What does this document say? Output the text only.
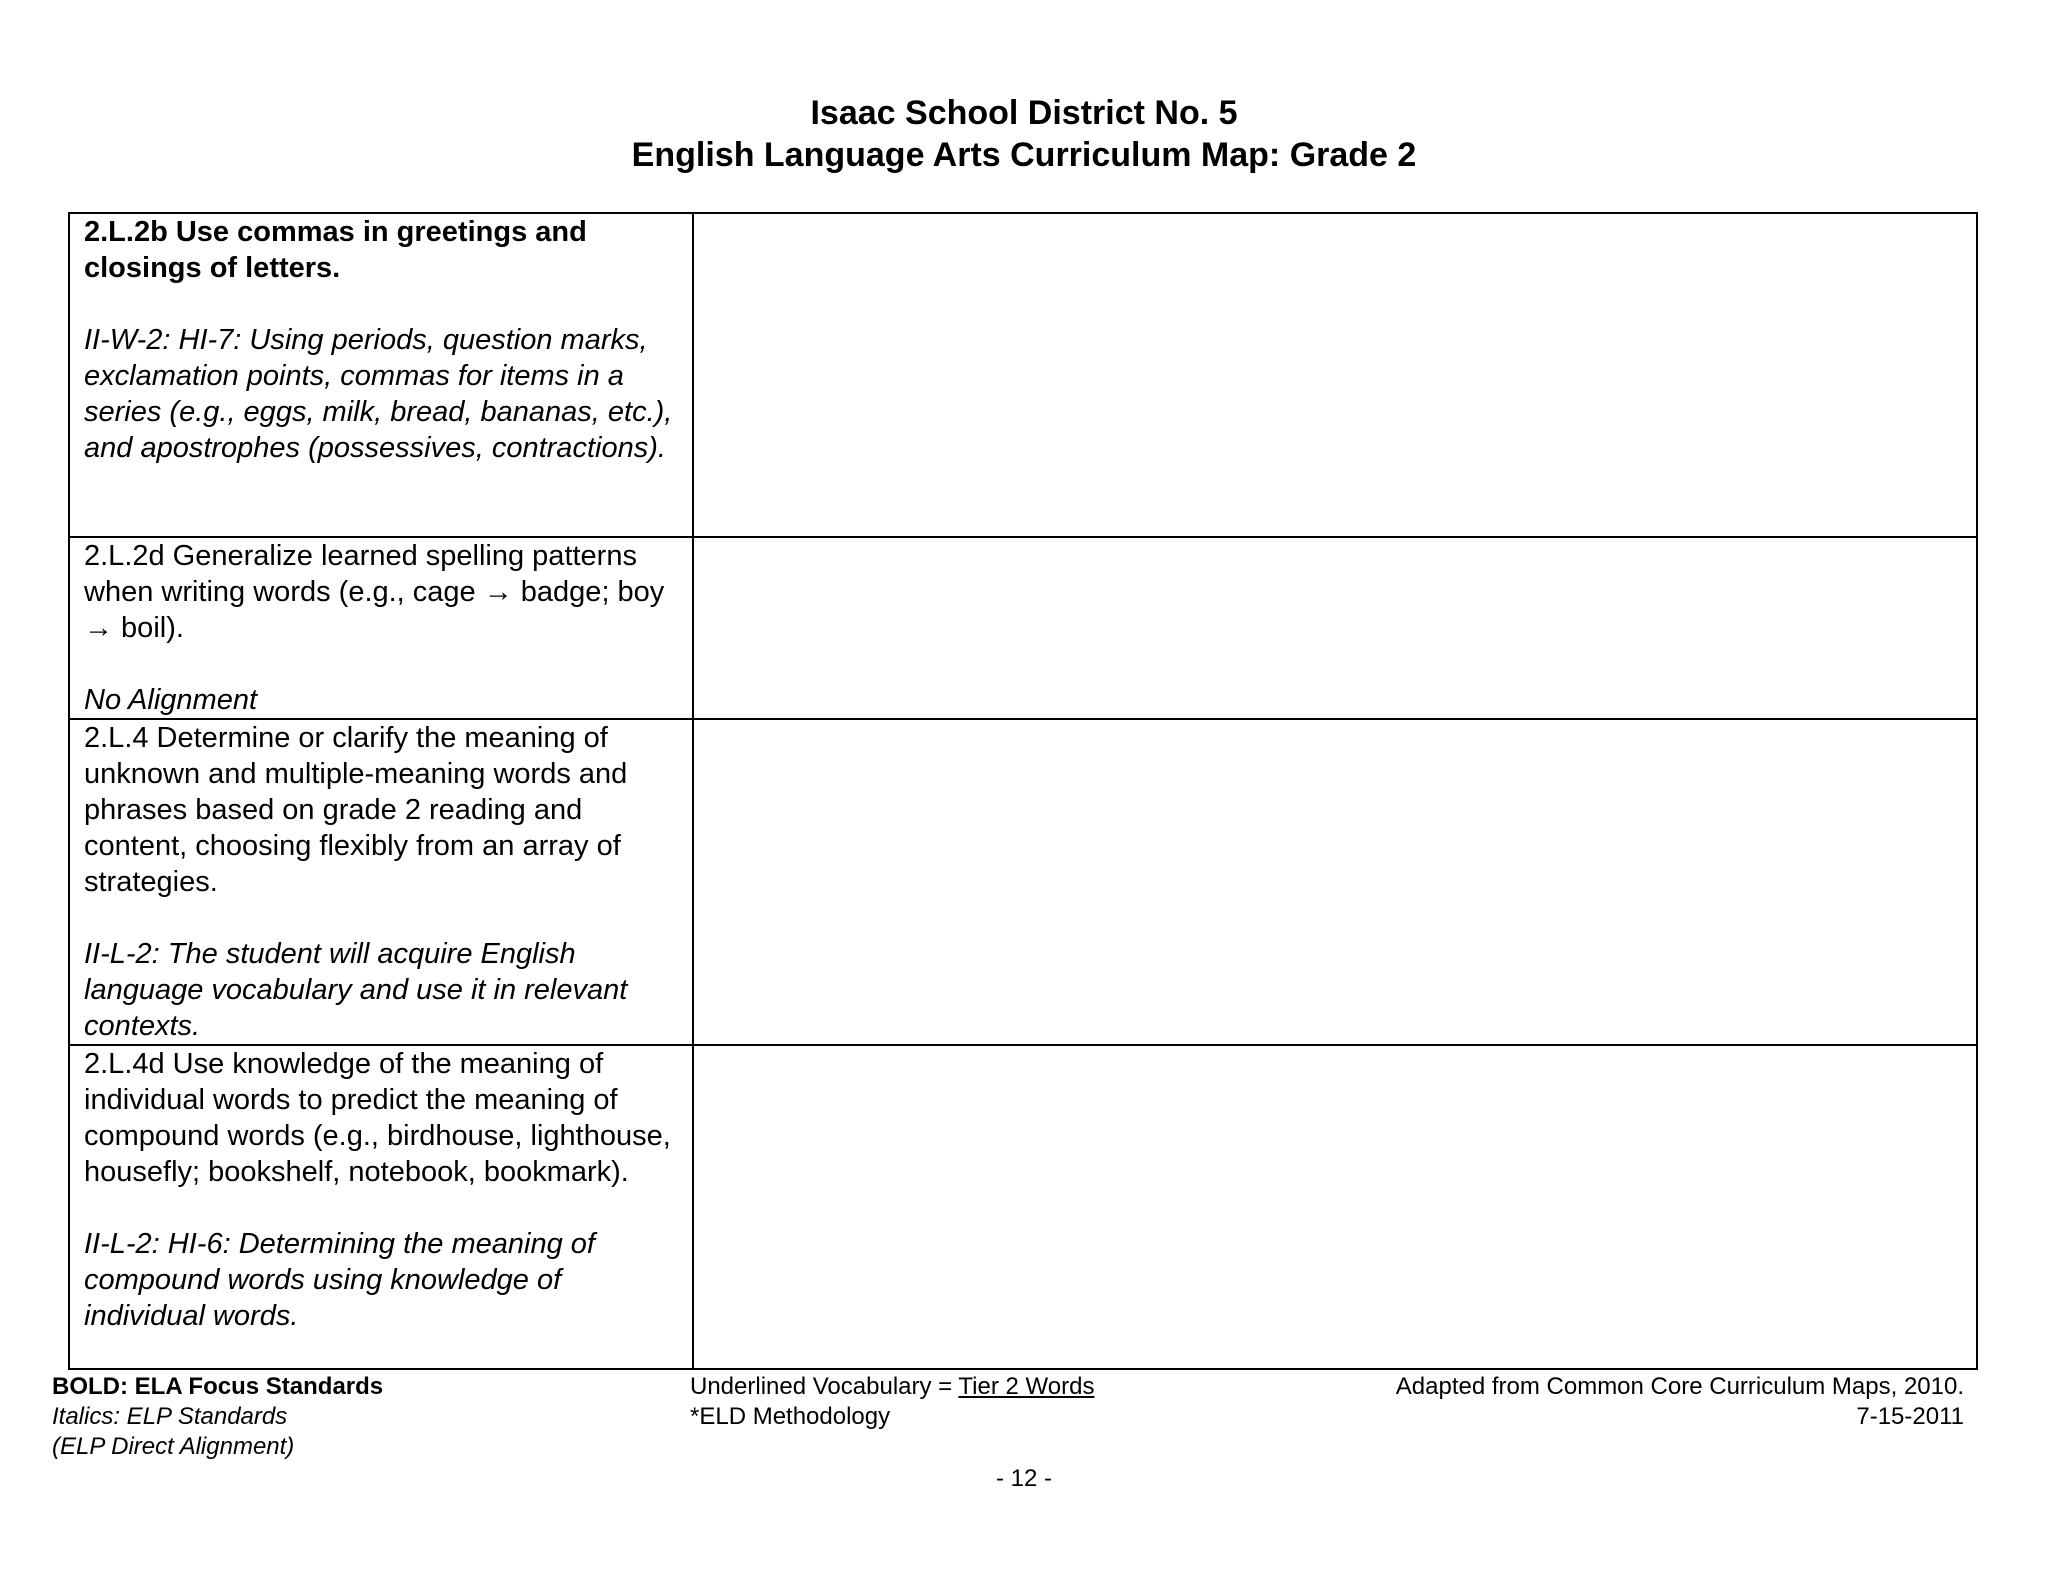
Isaac School District No. 5
English Language Arts Curriculum Map: Grade 2
2.L.2b Use commas in greetings and closings of letters.
II-W-2: HI-7: Using periods, question marks, exclamation points, commas for items in a series (e.g., eggs, milk, bread, bananas, etc.), and apostrophes (possessives, contractions).	

2.L.2d Generalize learned spelling patterns when writing words (e.g., cage → badge; boy → boil).
No Alignment	

2.L.4 Determine or clarify the meaning of unknown and multiple-meaning words and phrases based on grade 2 reading and content, choosing flexibly from an array of strategies.
II-L-2: The student will acquire English language vocabulary and use it in relevant contexts.	

2.L.4d Use knowledge of the meaning of individual words to predict the meaning of compound words (e.g., birdhouse, lighthouse, housefly; bookshelf, notebook, bookmark).
II-L-2: HI-6: Determining the meaning of compound words using knowledge of individual words.	

BOLD: ELA Focus Standards
Italics: ELP Standards
(ELP Direct Alignment)
Underlined Vocabulary = Tier 2 Words
*ELD Methodology
Adapted from Common Core Curriculum Maps, 2010.
7-15-2011
- 12 -
